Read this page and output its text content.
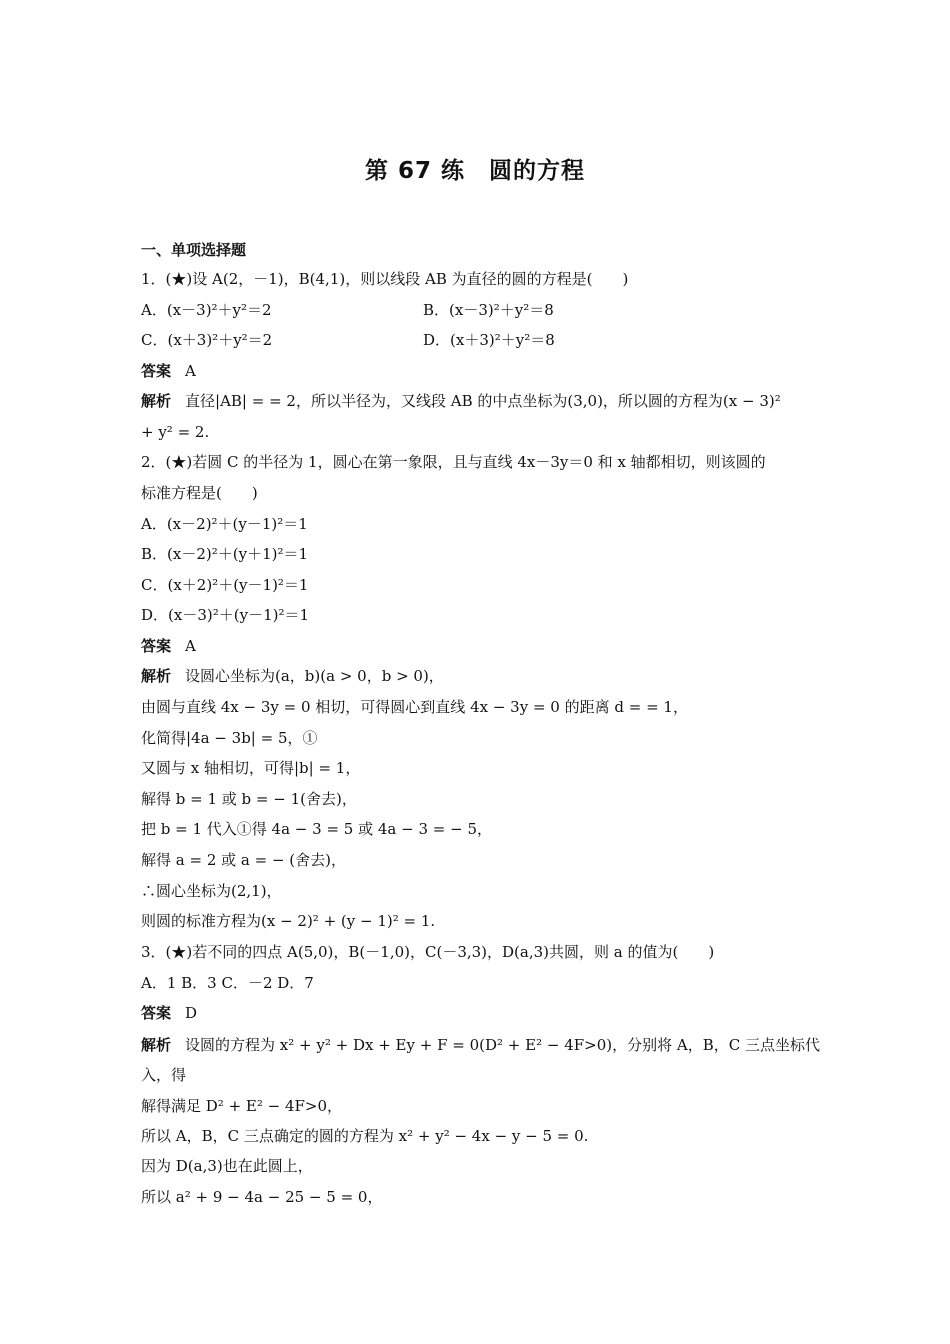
第 67 练　圆的方程
一、单项选择题
1．(★)设 A(2，－1)，B(4,1)，则以线段 AB 为直径的圆的方程是(　　)
A．(x－3)²＋y²＝2	B．(x－3)²＋y²＝8
C．(x＋3)²＋y²＝2	D．(x＋3)²＋y²＝8
答案 A
解析 直径|AB| = = 2，所以半径为，又线段 AB 的中点坐标为(3,0)，所以圆的方程为(x − 3)²
+ y² = 2.
2．(★)若圆 C 的半径为 1，圆心在第一象限，且与直线 4x－3y＝0 和 x 轴都相切，则该圆的
标准方程是(　　)
A．(x－2)²＋(y－1)²＝1
B．(x－2)²＋(y＋1)²＝1
C．(x＋2)²＋(y－1)²＝1
D．(x－3)²＋(y－1)²＝1
答案 A
解析 设圆心坐标为(a，b)(a > 0，b > 0)，
由圆与直线 4x − 3y = 0 相切，可得圆心到直线 4x − 3y = 0 的距离 d = = 1，
化简得|4a − 3b| = 5，①
又圆与 x 轴相切，可得|b| = 1，
解得 b = 1 或 b = − 1(舍去)，
把 b = 1 代入①得 4a − 3 = 5 或 4a − 3 = − 5，
解得 a = 2 或 a = − (舍去)，
∴圆心坐标为(2,1)，
则圆的标准方程为(x − 2)² + (y − 1)² = 1.
3．(★)若不同的四点 A(5,0)，B(－1,0)，C(－3,3)，D(a,3)共圆，则 a 的值为(　　)
A．1 B．3 C．－2 D．7
答案 D
解析 设圆的方程为 x² + y² + Dx + Ey + F = 0(D² + E² − 4F>0)，分别将 A，B，C 三点坐标代
入，得
解得满足 D² + E² − 4F>0，
所以 A，B，C 三点确定的圆的方程为 x² + y² − 4x − y − 5 = 0.
因为 D(a,3)也在此圆上，
所以 a² + 9 − 4a − 25 − 5 = 0，
